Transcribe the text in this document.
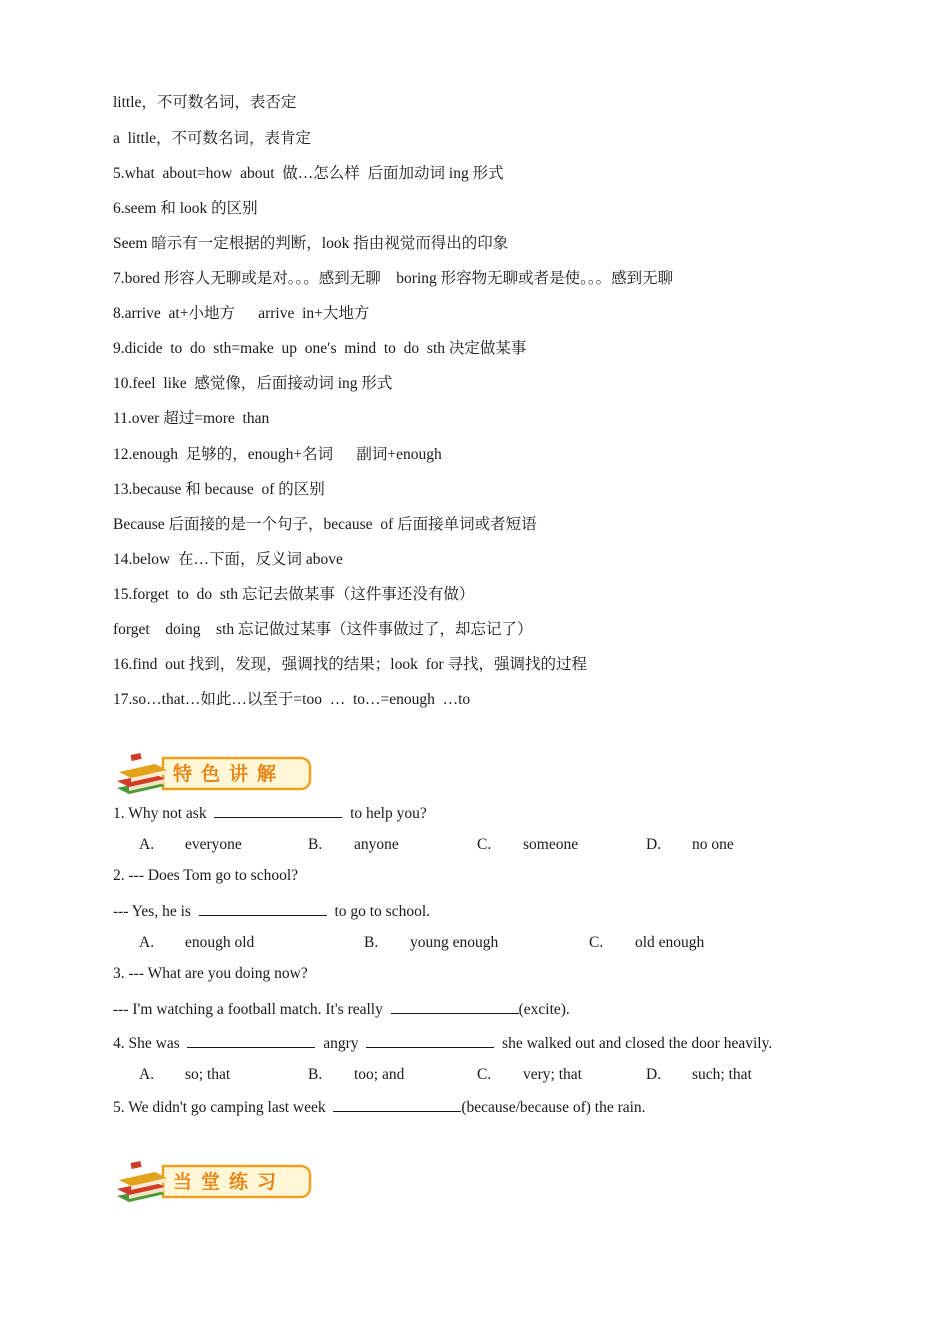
little，不可数名词，表否定
a  little，不可数名词，表肯定
5.what  about=how  about  做…怎么样  后面加动词 ing 形式
6.seem 和 look 的区别
Seem 暗示有一定根据的判断，look 指由视觉而得出的印象
7.bored 形容人无聊或是对。。。感到无聊    boring 形容物无聊或者是使。。。感到无聊
8.arrive  at+小地方      arrive  in+大地方
9.dicide  to  do  sth=make  up  one′s  mind  to  do  sth 决定做某事
10.feel  like  感觉像，后面接动词 ing 形式
11.over 超过=more  than
12.enough  足够的，enough+名词      副词+enough
13.because 和 because  of 的区别
Because 后面接的是一个句子，because  of 后面接单词或者短语
14.below  在…下面，反义词 above
15.forget  to  do  sth 忘记去做某事（这件事还没有做）
forget    doing    sth 忘记做过某事（这件事做过了，却忘记了）
16.find  out 找到，发现，强调找的结果；look  for 寻找，强调找的过程
17.so…that…如此…以至于=too  …  to…=enough  …to
特色讲解
1. Why not ask	to help you?
A. everyone	B. anyone	C. someone	D. no one
2. --- Does Tom go to school?
--- Yes, he is	to go to school.
A. enough old	B. young enough	C. old enough
3. --- What are you doing now?
--- I'm watching a football match. It's really	(excite).
4. She was	angry	she walked out and closed the door heavily.
A. so; that	B. too; and	C. very; that	D. such; that
5. We didn't go camping last week	(because/because of) the rain.
当堂练习
